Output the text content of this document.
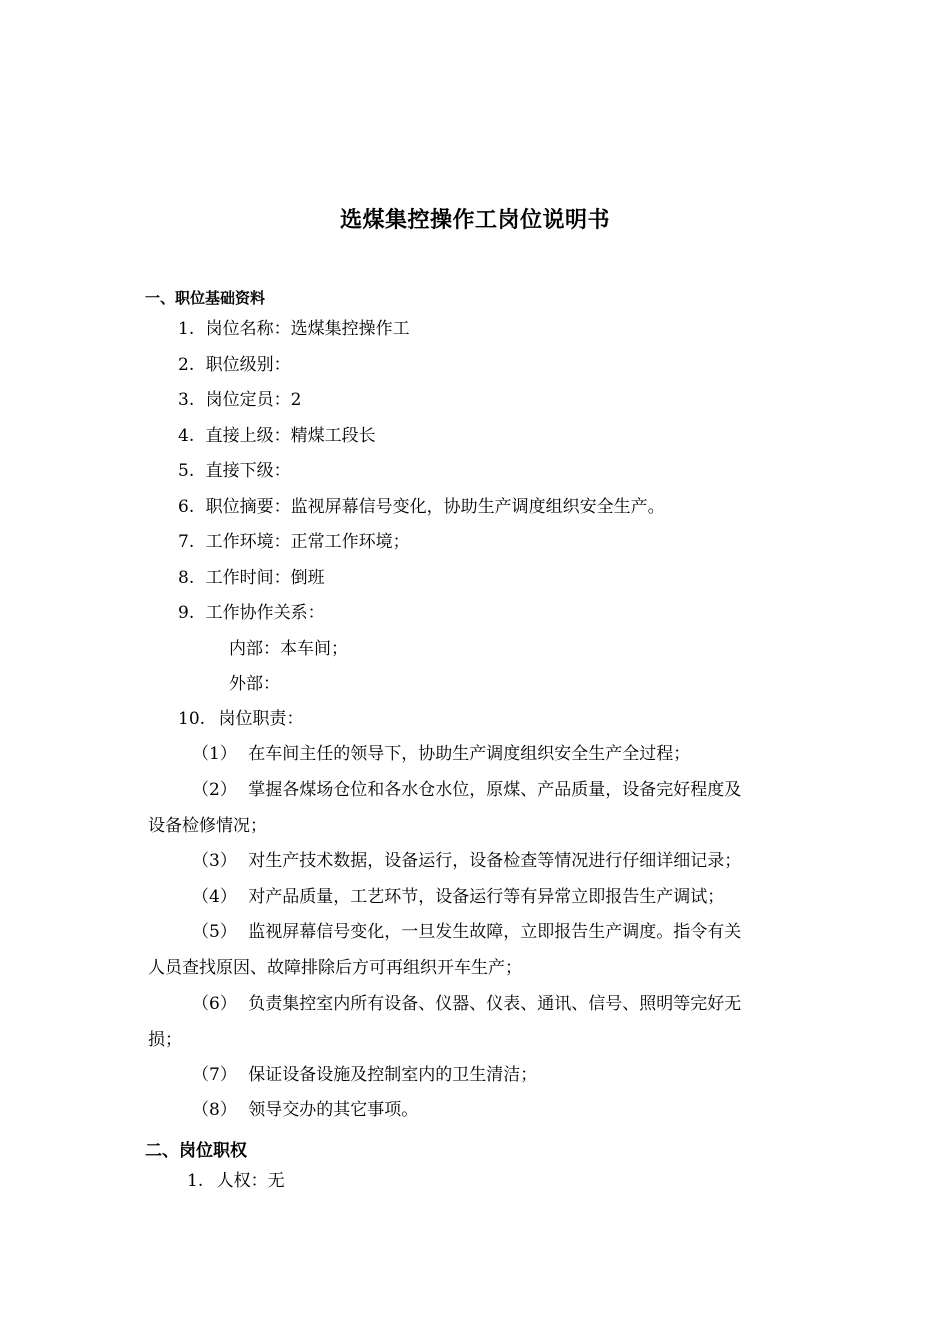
选煤集控操作工岗位说明书
一、职位基础资料
1. 岗位名称：选煤集控操作工
2. 职位级别：
3. 岗位定员：2
4. 直接上级：精煤工段长
5. 直接下级：
6. 职位摘要：监视屏幕信号变化，协助生产调度组织安全生产。
7. 工作环境：正常工作环境；
8. 工作时间：倒班
9. 工作协作关系：
内部：本车间；
外部：
10. 岗位职责：
（1） 在车间主任的领导下，协助生产调度组织安全生产全过程；
（2） 掌握各煤场仓位和各水仓水位，原煤、产品质量，设备完好程度及
设备检修情况；
（3） 对生产技术数据，设备运行，设备检查等情况进行仔细详细记录；
（4） 对产品质量，工艺环节，设备运行等有异常立即报告生产调试；
（5） 监视屏幕信号变化，一旦发生故障，立即报告生产调度。指令有关
人员查找原因、故障排除后方可再组织开车生产；
（6） 负责集控室内所有设备、仪器、仪表、通讯、信号、照明等完好无
损；
（7） 保证设备设施及控制室内的卫生清洁；
（8） 领导交办的其它事项。
二、岗位职权
1. 人权：无
